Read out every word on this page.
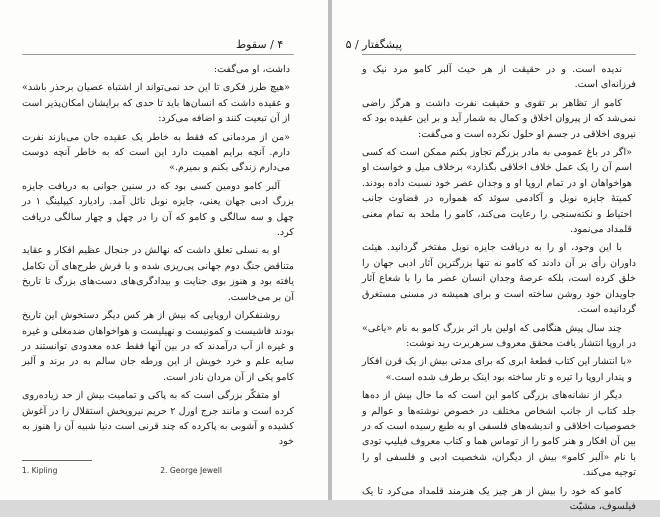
۴ / سقوط

داشت، او می‌گفت:

«هیچ طرز فکری تا این حد نمی‌تواند از اشتباه عصیان برحذر باشد» و عقیده داشت که انسان‌ها باید تا حدی که برایشان امکان‌پذیر است از آن تبعیت کنند و اضافه می‌کرد:

«من از مردمانی که فقط به خاطر یک عقیده جان می‌بازند نفرت دارم. آنچه برایم اهمیت دارد این است که به خاطر آنچه دوست می‌دارم زندگی بکنم و بمیرم.»

آلبر کامو دومین کسی بود که در سنین جوانی به دریافت جایزه بزرگ ادبی جهان یعنی، جایزه نوبل نائل آمد. رادیارد کیپلینگ ۱ در چهل و سه سالگی و کامو که آن را در چهل و چهار سالگی دریافت کرد.

او به نسلی تعلق داشت که نهالش در جنجال عظیم افکار و عقاید متناقض جنگ دوم جهانی پی‌ریزی شده و با فرش طرح‌های آن تکامل یافته بود و هنوز بوی جنایت و بیدادگری‌های دست‌های بزرگ تا تاریخ آن بر می‌خاست.

روشنفکران اروپایی که بیش از هر کس دیگر دستخوش این تاریخ بودند فاشیست و کمونیست و نهیلیست و هواخواهان ضدمغلی و غیره و غیره از آب درآمدند که در بین آنها فقط عده معدودی توانستند در سایه علم و خرد خویش از این ورطه جان سالم به در برند و آلبر کامو یکی از آن مردان نادر است.

او متفکّر بزرگی است که به پاکی و تمامیت بیش از حد زیاده‌روی کرده است و مانند جرج اورل ۲ حریم نیرویخش استقلال را در آغوش کشیده و آشوبی به پاکرده که چند قرنی است دنیا شبیه آن را هنوز به خود

1. Kipling	2. George Jewell
پیشگفتار / ۵

ندیده است. و در حقیقت از هر حیث آلبر کامو مرد نیک و فرزانه‌ای است.

کامو از تظاهر بر تقوی و حقیقت نفرت داشت و هرگز راضی نمی‌شد که از پیروان اخلاق و کمال به شمار آید و بر این عقیده بود که نیروی اخلاقی در جسم او حلول نکرده است و می‌گفت:

«اگر در باغ عمومی به مادر بزرگم تجاوز بکنم ممکن است که کسی اسم آن را یک عمل خلاف اخلاقی بگذارد» برخلاف میل و خواست او هواخواهان او در تمام اروپا او و وجدان عصر خود نسبت داده بودند. کمیتهٔ جایزه نوبل و آکادمی سوئد که همواره در قضاوت جانب احتیاط و نکته‌سنجی را رعایت می‌کند، کامو را ملحد به تمام معنی قلمداد می‌نمود.

با این وجود، او را به دریافت جایزه نوبل مفتخر گردانید. هیئت داوران رأی بر آن دادند که کامو نه تنها بزرگترین آثار ادبی جهان را خلق کرده است، بلکه عرصهٔ وجدان انسان عصر ما را با شعاع آثار جاویدان خود روشن ساخته است و برای همیشه در مسنی مستغرق گردانیده است.

چند سال پیش هنگامی که اولین بار اثر بزرگ کامو به نام «یاغی» در اروپا انتشار یافت محقق معروف سرهربرت رید نوشت:

«با انتشار این کتاب قطعهٔ ابری که برای مدتی بیش از یک قرن افکار و پندار اروپا را تیره و تار ساخته بود اینک برطرف شده است.»

دیگر از نشانه‌های بزرگی کامو این است که ما حال بیش از ده‌ها جلد کتاب از جانب اشخاص مختلف در خصوص نوشته‌ها و عوالم و خصوصیات اخلاقی و اندیشه‌های فلسفی او به طبع رسیده است که در بین آن افکار و هنر کامو را از توماس هما و کتاب معروف فیلیپ تودی با نام «آلبر کامو» بیش از دیگران، شخصیت ادبی و فلسفی او را توجیه می‌کند.

کامو که خود را بیش از هر چیز یک هنرمند قلمداد می‌کرد تا یک فیلسوف، مشیّت
